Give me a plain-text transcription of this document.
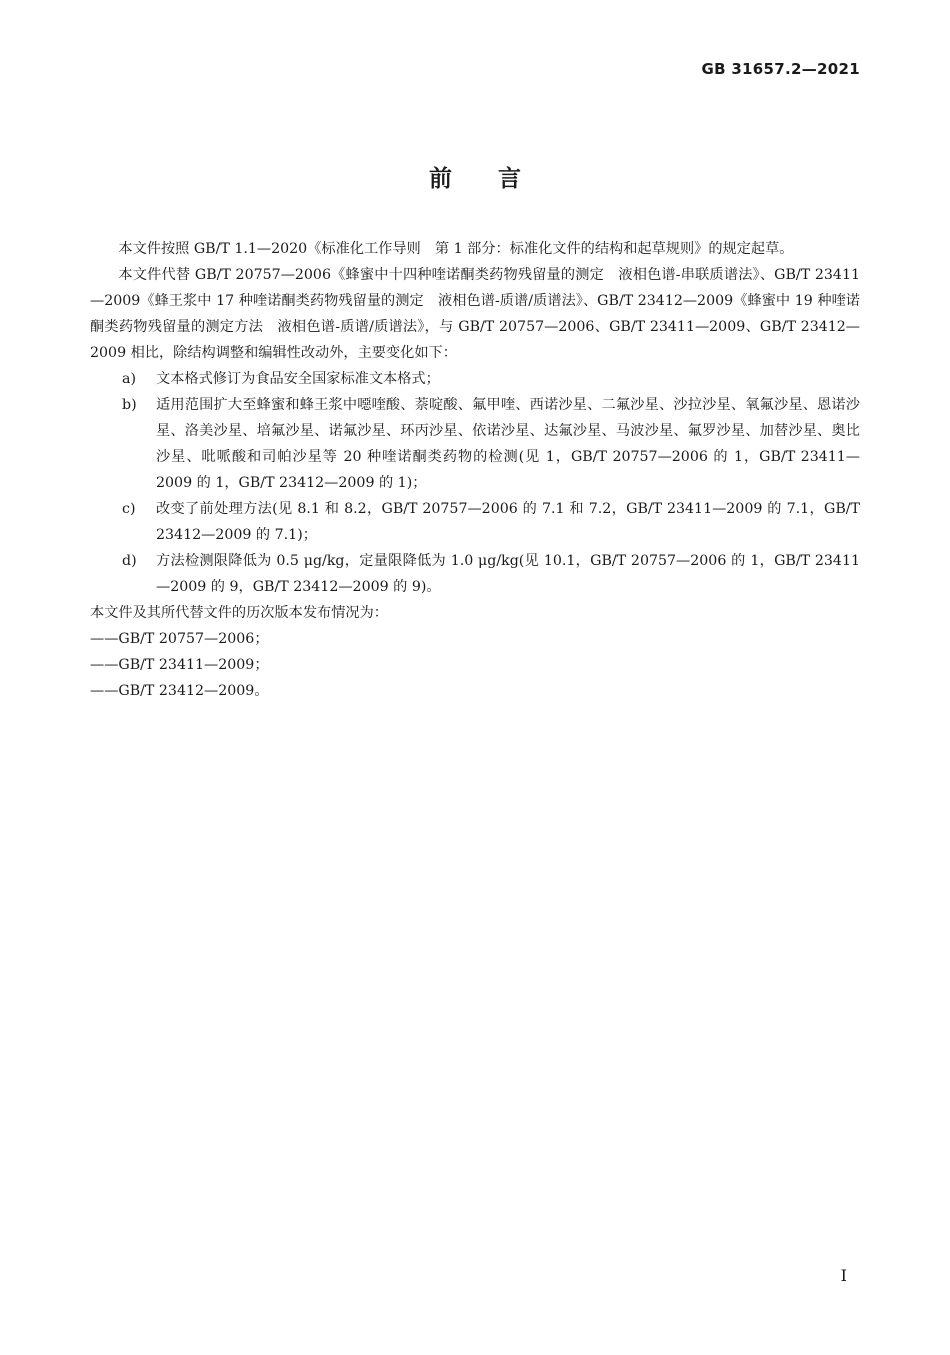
GB 31657.2—2021
前言

本文件按照 GB/T 1.1—2020《标准化工作导则　第 1 部分：标准化文件的结构和起草规则》的规定起草。

本文件代替 GB/T 20757—2006《蜂蜜中十四种喹诺酮类药物残留量的测定　液相色谱-串联质谱法》、GB/T 23411—2009《蜂王浆中 17 种喹诺酮类药物残留量的测定　液相色谱-质谱/质谱法》、GB/T 23412—2009《蜂蜜中 19 种喹诺酮类药物残留量的测定方法　液相色谱-质谱/质谱法》，与 GB/T 20757—2006、GB/T 23411—2009、GB/T 23412—2009 相比，除结构调整和编辑性改动外，主要变化如下：

a) 文本格式修订为食品安全国家标准文本格式；
b) 适用范围扩大至蜂蜜和蜂王浆中噁喹酸、萘啶酸、氟甲喹、西诺沙星、二氟沙星、沙拉沙星、氧氟沙星、恩诺沙星、洛美沙星、培氟沙星、诺氟沙星、环丙沙星、依诺沙星、达氟沙星、马波沙星、氟罗沙星、加替沙星、奥比沙星、吡哌酸和司帕沙星等 20 种喹诺酮类药物的检测(见 1，GB/T 20757—2006 的 1，GB/T 23411—2009 的 1，GB/T 23412—2009 的 1)；
c) 改变了前处理方法(见 8.1 和 8.2，GB/T 20757—2006 的 7.1 和 7.2，GB/T 23411—2009 的 7.1，GB/T 23412—2009 的 7.1)；
d) 方法检测限降低为 0.5 μg/kg，定量限降低为 1.0 μg/kg(见 10.1，GB/T 20757—2006 的 1，GB/T 23411—2009 的 9，GB/T 23412—2009 的 9)。

本文件及其所代替文件的历次版本发布情况为：

——GB/T 20757—2006；

——GB/T 23411—2009；

——GB/T 23412—2009。

I
